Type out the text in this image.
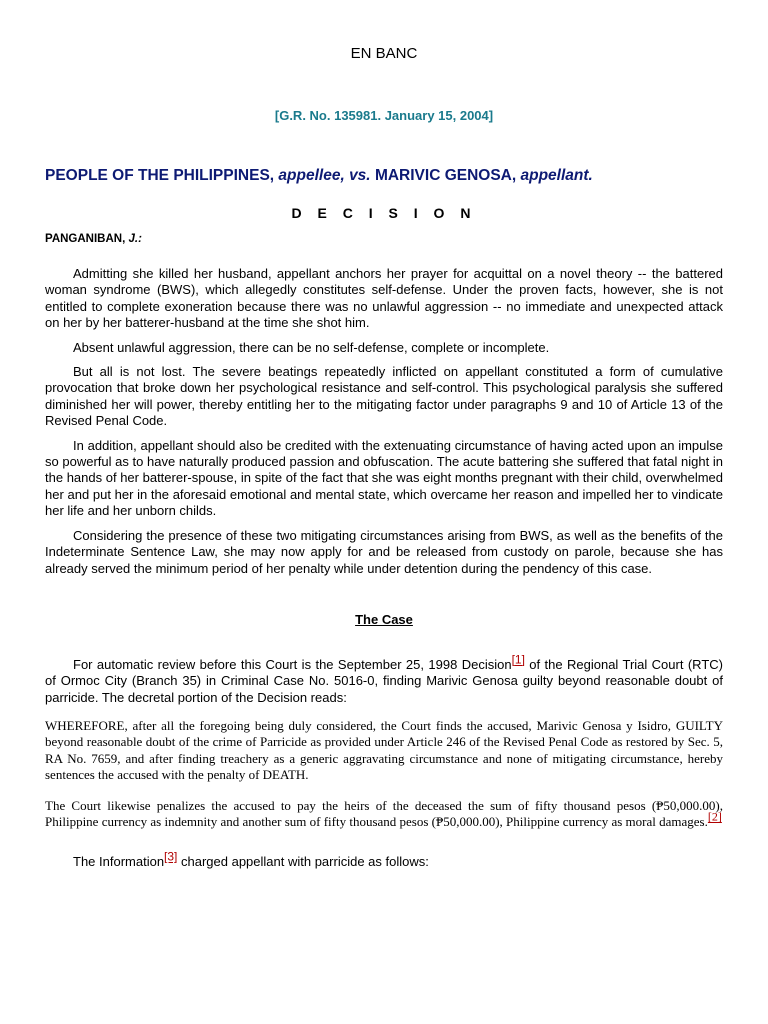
EN BANC

[G.R. No. 135981. January 15, 2004]

PEOPLE OF THE PHILIPPINES, appellee, vs. MARIVIC GENOSA, appellant.

D E C I S I O N
PANGANIBAN, J.:

Admitting she killed her husband, appellant anchors her prayer for acquittal on a novel theory -- the battered woman syndrome (BWS), which allegedly constitutes self-defense. Under the proven facts, however, she is not entitled to complete exoneration because there was no unlawful aggression -- no immediate and unexpected attack on her by her batterer-husband at the time she shot him.

Absent unlawful aggression, there can be no self-defense, complete or incomplete.

But all is not lost. The severe beatings repeatedly inflicted on appellant constituted a form of cumulative provocation that broke down her psychological resistance and self-control. This psychological paralysis she suffered diminished her will power, thereby entitling her to the mitigating factor under paragraphs 9 and 10 of Article 13 of the Revised Penal Code.

In addition, appellant should also be credited with the extenuating circumstance of having acted upon an impulse so powerful as to have naturally produced passion and obfuscation. The acute battering she suffered that fatal night in the hands of her batterer-spouse, in spite of the fact that she was eight months pregnant with their child, overwhelmed her and put her in the aforesaid emotional and mental state, which overcame her reason and impelled her to vindicate her life and her unborn childs.

Considering the presence of these two mitigating circumstances arising from BWS, as well as the benefits of the Indeterminate Sentence Law, she may now apply for and be released from custody on parole, because she has already served the minimum period of her penalty while under detention during the pendency of this case.

The Case

For automatic review before this Court is the September 25, 1998 Decision[1] of the Regional Trial Court (RTC) of Ormoc City (Branch 35) in Criminal Case No. 5016-0, finding Marivic Genosa guilty beyond reasonable doubt of parricide. The decretal portion of the Decision reads:

WHEREFORE, after all the foregoing being duly considered, the Court finds the accused, Marivic Genosa y Isidro, GUILTY beyond reasonable doubt of the crime of Parricide as provided under Article 246 of the Revised Penal Code as restored by Sec. 5, RA No. 7659, and after finding treachery as a generic aggravating circumstance and none of mitigating circumstance, hereby sentences the accused with the penalty of DEATH.

The Court likewise penalizes the accused to pay the heirs of the deceased the sum of fifty thousand pesos (₱50,000.00), Philippine currency as indemnity and another sum of fifty thousand pesos (₱50,000.00), Philippine currency as moral damages.[2]

The Information[3] charged appellant with parricide as follows:
